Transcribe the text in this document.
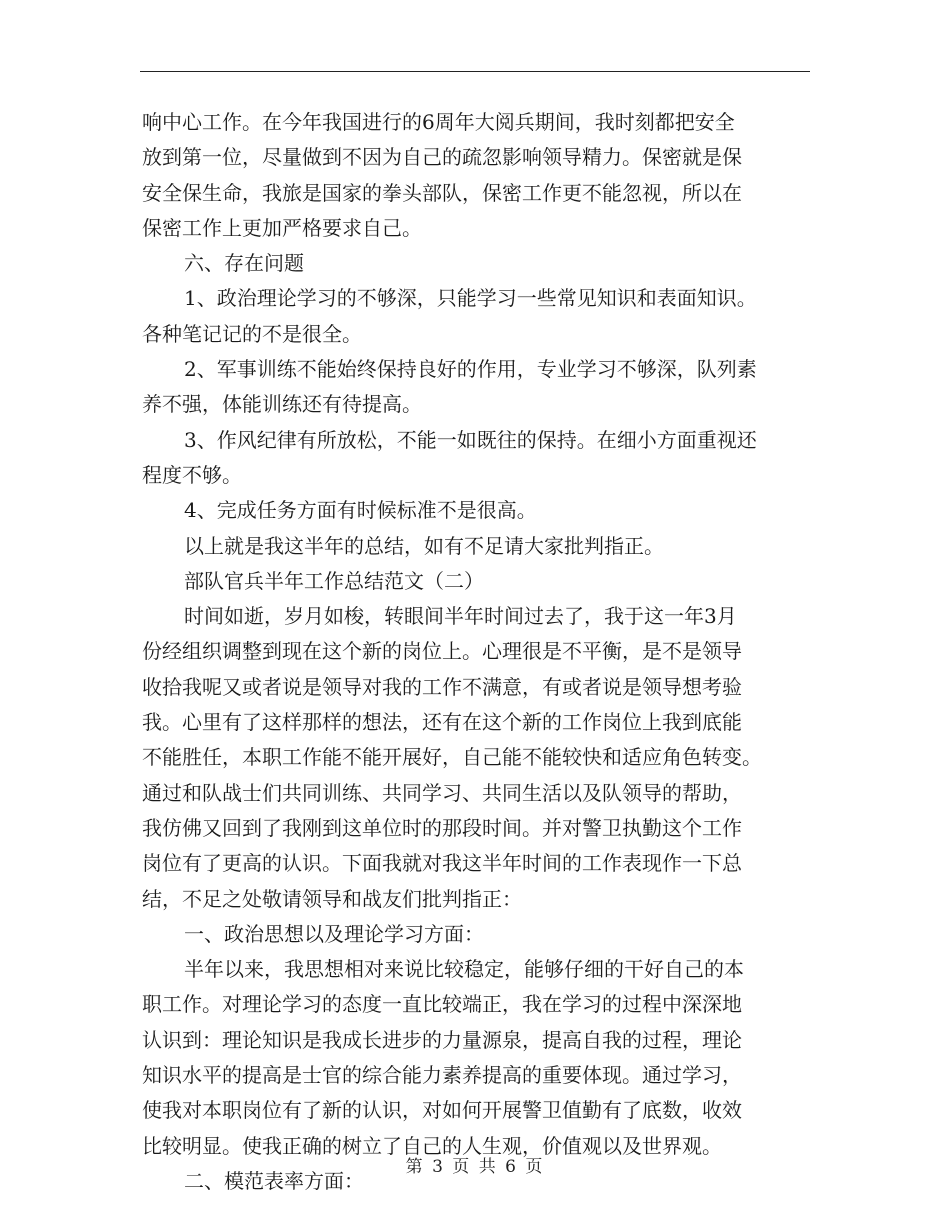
响中心工作。在今年我国进行的6周年大阅兵期间，我时刻都把安全
放到第一位，尽量做到不因为自己的疏忽影响领导精力。保密就是保
安全保生命，我旅是国家的拳头部队，保密工作更不能忽视，所以在
保密工作上更加严格要求自己。
六、存在问题
1、政治理论学习的不够深，只能学习一些常见知识和表面知识。
各种笔记记的不是很全。
2、军事训练不能始终保持良好的作用，专业学习不够深，队列素
养不强，体能训练还有待提高。
3、作风纪律有所放松，不能一如既往的保持。在细小方面重视还
程度不够。
4、完成任务方面有时候标准不是很高。
以上就是我这半年的总结，如有不足请大家批判指正。
部队官兵半年工作总结范文（二）
时间如逝，岁月如梭，转眼间半年时间过去了，我于这一年3月
份经组织调整到现在这个新的岗位上。心理很是不平衡，是不是领导
收拾我呢又或者说是领导对我的工作不满意，有或者说是领导想考验
我。心里有了这样那样的想法，还有在这个新的工作岗位上我到底能
不能胜任，本职工作能不能开展好，自己能不能较快和适应角色转变。
通过和队战士们共同训练、共同学习、共同生活以及队领导的帮助，
我仿佛又回到了我刚到这单位时的那段时间。并对警卫执勤这个工作
岗位有了更高的认识。下面我就对我这半年时间的工作表现作一下总
结，不足之处敬请领导和战友们批判指正：
一、政治思想以及理论学习方面：
半年以来，我思想相对来说比较稳定，能够仔细的干好自己的本
职工作。对理论学习的态度一直比较端正，我在学习的过程中深深地
认识到：理论知识是我成长进步的力量源泉，提高自我的过程，理论
知识水平的提高是士官的综合能力素养提高的重要体现。通过学习，
使我对本职岗位有了新的认识，对如何开展警卫值勤有了底数，收效
比较明显。使我正确的树立了自己的人生观，价值观以及世界观。
二、模范表率方面：
第 3 页 共 6 页
